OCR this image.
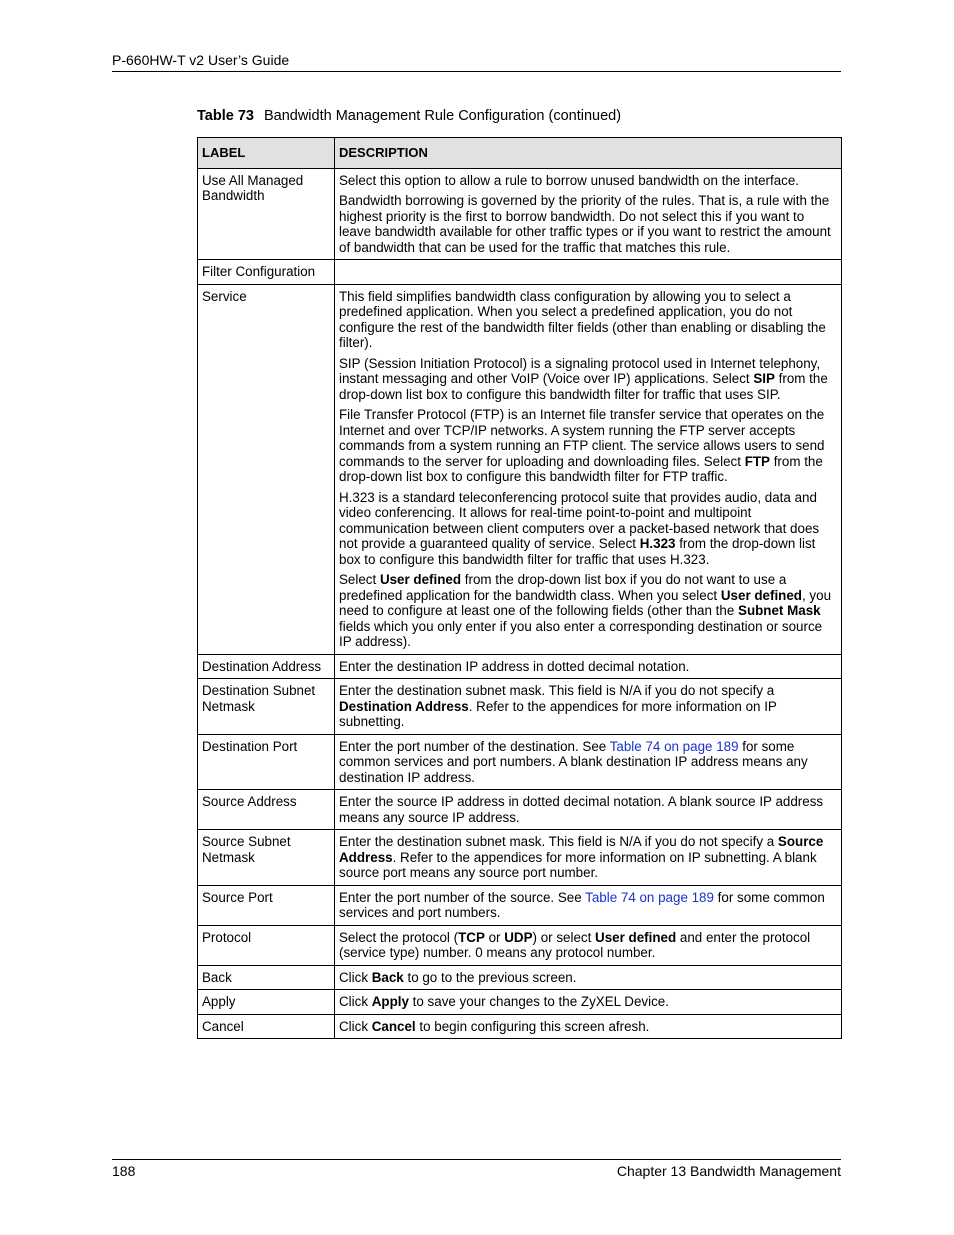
P-660HW-T v2 User’s Guide
Table 73 Bandwidth Management Rule Configuration (continued)
LABEL	DESCRIPTION
Use All Managed Bandwidth	Select this option to allow a rule to borrow unused bandwidth on the interface.

Bandwidth borrowing is governed by the priority of the rules. That is, a rule with the highest priority is the first to borrow bandwidth. Do not select this if you want to leave bandwidth available for other traffic types or if you want to restrict the amount of bandwidth that can be used for the traffic that matches this rule.

Filter Configuration	
Service	This field simplifies bandwidth class configuration by allowing you to select a predefined application. When you select a predefined application, you do not configure the rest of the bandwidth filter fields (other than enabling or disabling the filter).

SIP (Session Initiation Protocol) is a signaling protocol used in Internet telephony, instant messaging and other VoIP (Voice over IP) applications. Select SIP from the drop-down list box to configure this bandwidth filter for traffic that uses SIP.

File Transfer Protocol (FTP) is an Internet file transfer service that operates on the Internet and over TCP/IP networks. A system running the FTP server accepts commands from a system running an FTP client. The service allows users to send commands to the server for uploading and downloading files. Select FTP from the drop-down list box to configure this bandwidth filter for FTP traffic.

H.323 is a standard teleconferencing protocol suite that provides audio, data and video conferencing. It allows for real-time point-to-point and multipoint communication between client computers over a packet-based network that does not provide a guaranteed quality of service. Select H.323 from the drop-down list box to configure this bandwidth filter for traffic that uses H.323.

Select User defined from the drop-down list box if you do not want to use a predefined application for the bandwidth class. When you select User defined, you need to configure at least one of the following fields (other than the Subnet Mask fields which you only enter if you also enter a corresponding destination or source IP address).

Destination Address	Enter the destination IP address in dotted decimal notation.

Destination Subnet Netmask	Enter the destination subnet mask. This field is N/A if you do not specify a Destination Address. Refer to the appendices for more information on IP subnetting.

Destination Port	Enter the port number of the destination. See Table 74 on page 189 for some common services and port numbers. A blank destination IP address means any destination IP address.

Source Address	Enter the source IP address in dotted decimal notation. A blank source IP address means any source IP address.

Source Subnet Netmask	Enter the destination subnet mask. This field is N/A if you do not specify a Source Address. Refer to the appendices for more information on IP subnetting. A blank source port means any source port number.

Source Port	Enter the port number of the source. See Table 74 on page 189 for some common services and port numbers.

Protocol	Select the protocol (TCP or UDP) or select User defined and enter the protocol (service type) number. 0 means any protocol number.

Back	Click Back to go to the previous screen.

Apply	Click Apply to save your changes to the ZyXEL Device.

Cancel	Click Cancel to begin configuring this screen afresh.

188	Chapter 13 Bandwidth Management
